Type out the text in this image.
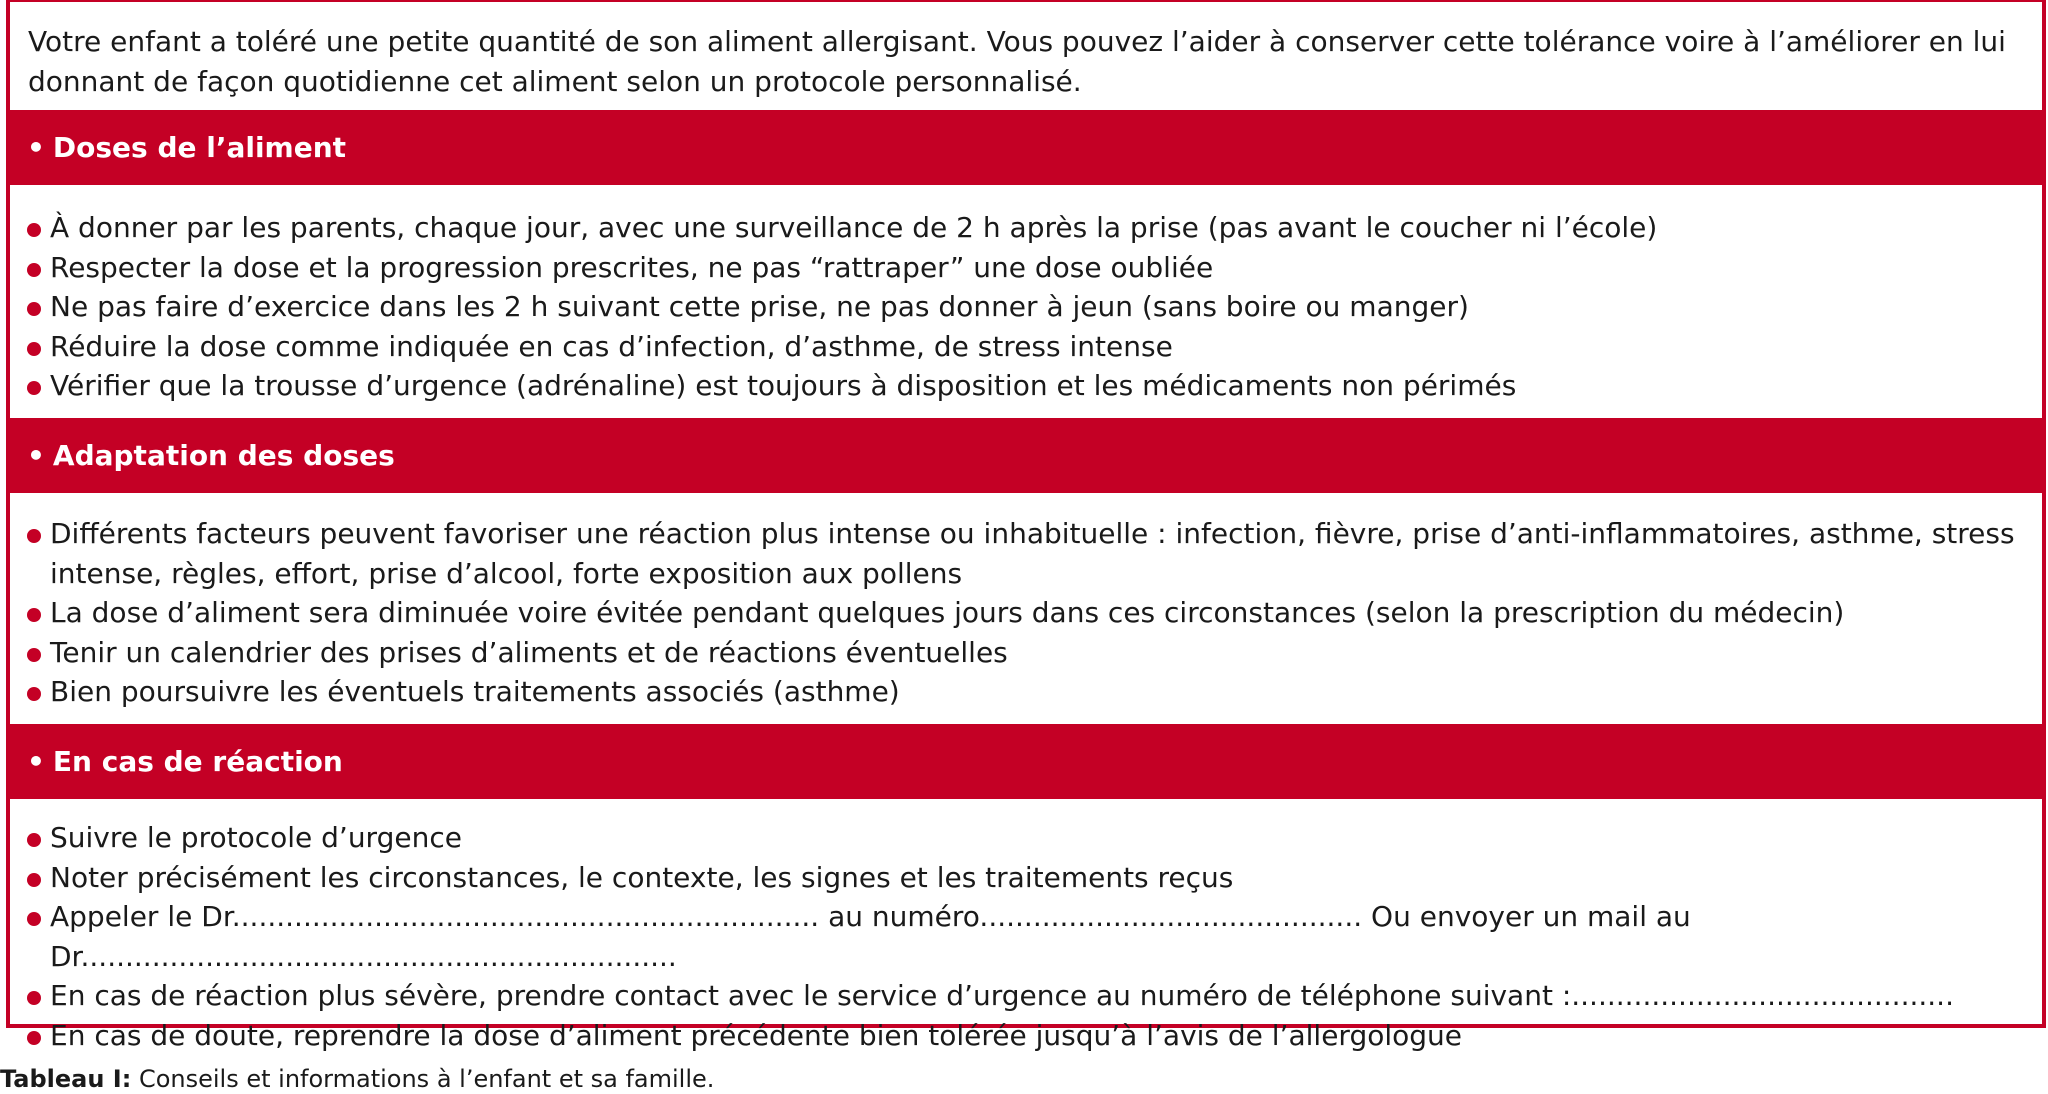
Votre enfant a toléré une petite quantité de son aliment allergisant. Vous pouvez l’aider à conserver cette tolérance voire à l’améliorer en lui donnant de façon quotidienne cet aliment selon un protocole personnalisé.
• Doses de l’aliment
À donner par les parents, chaque jour, avec une surveillance de 2 h après la prise (pas avant le coucher ni l’école)
Respecter la dose et la progression prescrites, ne pas “rattraper” une dose oubliée
Ne pas faire d’exercice dans les 2 h suivant cette prise, ne pas donner à jeun (sans boire ou manger)
Réduire la dose comme indiquée en cas d’infection, d’asthme, de stress intense
Vérifier que la trousse d’urgence (adrénaline) est toujours à disposition et les médicaments non périmés
• Adaptation des doses
Différents facteurs peuvent favoriser une réaction plus intense ou inhabituelle : infection, fièvre, prise d’anti-inflammatoires, asthme, stress intense, règles, effort, prise d’alcool, forte exposition aux pollens
La dose d’aliment sera diminuée voire évitée pendant quelques jours dans ces circonstances (selon la prescription du médecin)
Tenir un calendrier des prises d’aliments et de réactions éventuelles
Bien poursuivre les éventuels traitements associés (asthme)
• En cas de réaction
Suivre le protocole d’urgence
Noter précisément les circonstances, le contexte, les signes et les traitements reçus
Appeler le Dr.................................................................. au numéro........................................... Ou envoyer un mail au Dr...................................................................
En cas de réaction plus sévère, prendre contact avec le service d’urgence au numéro de téléphone suivant :...........................................
En cas de doute, reprendre la dose d’aliment précédente bien tolérée jusqu’à l’avis de l’allergologue
Tableau I: Conseils et informations à l’enfant et sa famille.
